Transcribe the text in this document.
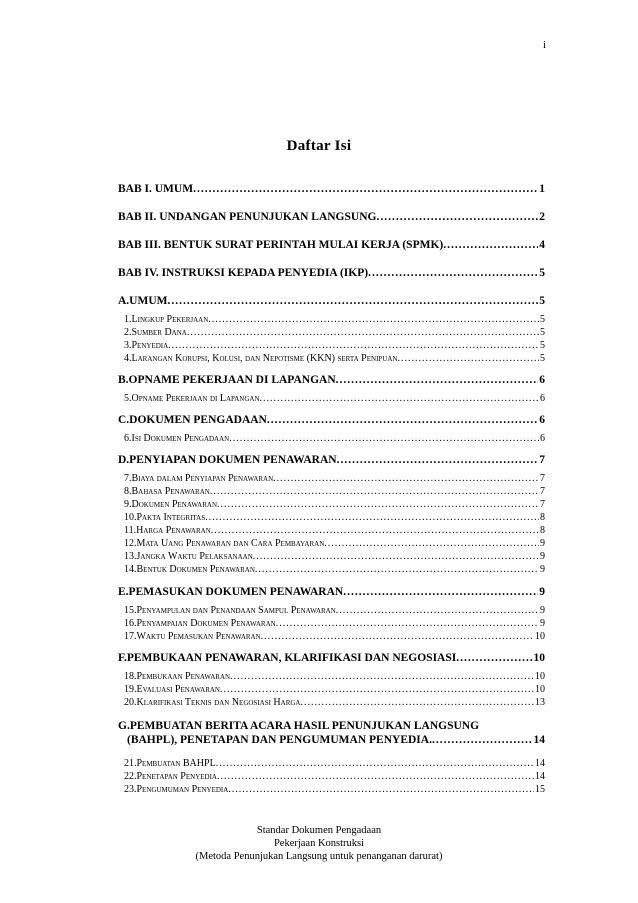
i
Daftar Isi
BAB I. UMUM .....	1
BAB II. UNDANGAN PENUNJUKAN LANGSUNG .....	2
BAB III. BENTUK SURAT PERINTAH MULAI KERJA (SPMK) .....	4
BAB IV. INSTRUKSI KEPADA PENYEDIA (IKP) .....	5
A.UMUM .....	5
1.Lingkup Pekerjaan .....	5
2.Sumber Dana .....	5
3.Penyedia .....	5
4.Larangan Korupsi, Kolusi, dan Nepotisme (KKN) serta Penipuan .....	5
B.OPNAME PEKERJAAN DI LAPANGAN .....	6
5.Opname Pekerjaan di Lapangan .....	6
C.DOKUMEN PENGADAAN .....	6
6.Isi Dokumen Pengadaan .....	6
D.PENYIAPAN DOKUMEN PENAWARAN .....	7
7.Biaya dalam Penyiapan Penawaran .....	7
8.Bahasa Penawaran .....	7
9.Dokumen Penawaran .....	7
10.Pakta Integritas .....	8
11.Harga Penawaran .....	8
12.Mata Uang Penawaran dan Cara Pembayaran .....	9
13.Jangka Waktu Pelaksanaan .....	9
14.Bentuk Dokumen Penawaran .....	9
E.PEMASUKAN DOKUMEN PENAWARAN .....	9
15.Penyampulan dan Penandaan Sampul Penawaran .....	9
16.Penyampaian Dokumen Penawaran .....	9
17.Waktu Pemasukan Penawaran .....	10
F.PEMBUKAAN PENAWARAN, KLARIFIKASI DAN NEGOSIASI .....	10
18.Pembukaan Penawaran .....	10
19.Evaluasi Penawaran .....	10
20.Klarifikasi Teknis dan Negosiasi Harga .....	13
G.PEMBUATAN BERITA ACARA HASIL PENUNJUKAN LANGSUNG
(BAHPL), PENETAPAN DAN PENGUMUMAN PENYEDIA. .....	14
21.Pembuatan BAHPL .....	14
22.Penetapan Penyedia .....	14
23.Pengumuman Penyedia .....	15
Standar Dokumen Pengadaan
Pekerjaan Konstruksi
(Metoda Penunjukan Langsung untuk penanganan darurat)
